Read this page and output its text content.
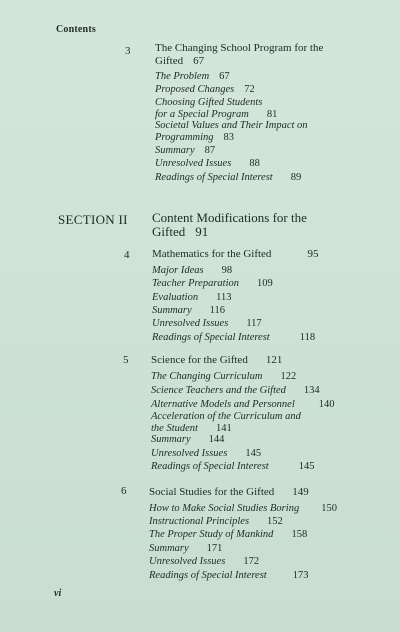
Contents
3 The Changing School Program for the
Gifted 67
The Problem 67
Proposed Changes 72
Choosing Gifted Students
for a Special Program 81
Societal Values and Their Impact on
Programming 83
Summary 87
Unresolved Issues 88
Readings of Special Interest 89
SECTION II Content Modifications for the
Gifted 91
4 Mathematics for the Gifted	95
Major Ideas 98
Teacher Preparation 109
Evaluation 113
Summary 116
Unresolved Issues 117
Readings of Special Interest	118
5 Science for the Gifted 121
The Changing Curriculum 122
Science Teachers and the Gifted 134
Alternative Models and Personnel 140
Acceleration of the Curriculum and
the Student 141
Summary 144
Unresolved Issues 145
Readings of Special Interest	145
6 Social Studies for the Gifted 149
How to Make Social Studies Boring 150
Instructional Principles 152
The Proper Study of Mankind 158
Summary 171
Unresolved Issues 172
Readings of Special Interest 173
vi
